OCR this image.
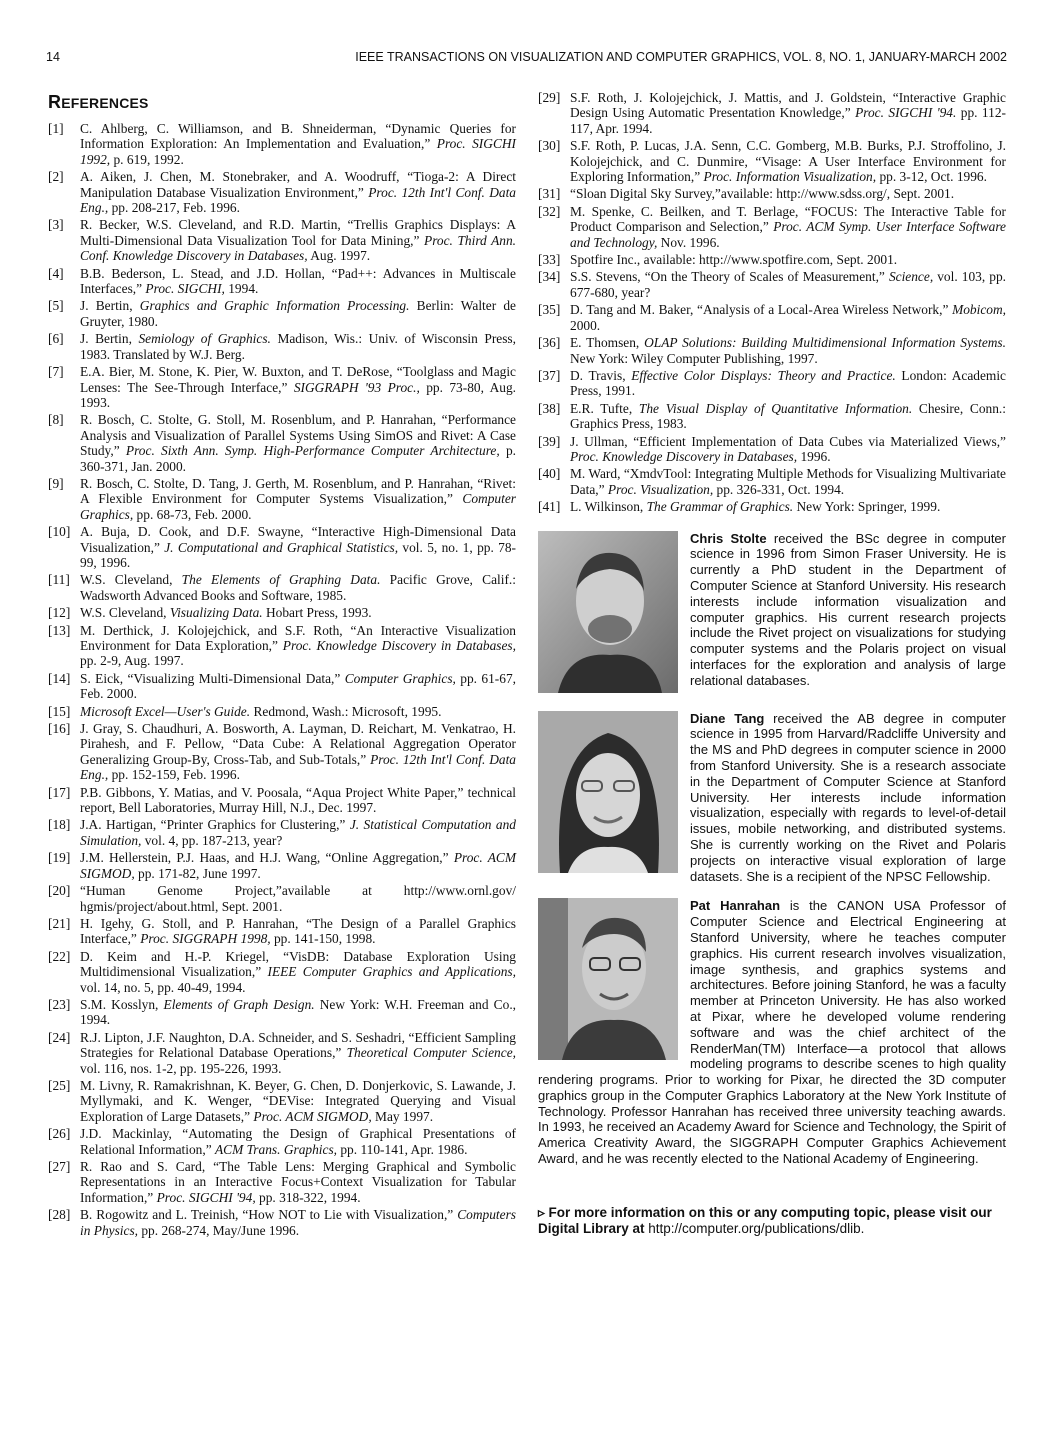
14	IEEE TRANSACTIONS ON VISUALIZATION AND COMPUTER GRAPHICS, VOL. 8, NO. 1, JANUARY-MARCH 2002
REFERENCES
[1] C. Ahlberg, C. Williamson, and B. Shneiderman, “Dynamic Queries for Information Exploration: An Implementation and Evaluation,” Proc. SIGCHI 1992, p. 619, 1992.
[2] A. Aiken, J. Chen, M. Stonebraker, and A. Woodruff, “Tioga-2: A Direct Manipulation Database Visualization Environment,” Proc. 12th Int'l Conf. Data Eng., pp. 208-217, Feb. 1996.
[3] R. Becker, W.S. Cleveland, and R.D. Martin, “Trellis Graphics Displays: A Multi-Dimensional Data Visualization Tool for Data Mining,” Proc. Third Ann. Conf. Knowledge Discovery in Databases, Aug. 1997.
[4] B.B. Bederson, L. Stead, and J.D. Hollan, “Pad++: Advances in Multiscale Interfaces,” Proc. SIGCHI, 1994.
[5] J. Bertin, Graphics and Graphic Information Processing. Berlin: Walter de Gruyter, 1980.
[6] J. Bertin, Semiology of Graphics. Madison, Wis.: Univ. of Wisconsin Press, 1983. Translated by W.J. Berg.
[7] E.A. Bier, M. Stone, K. Pier, W. Buxton, and T. DeRose, “Toolglass and Magic Lenses: The See-Through Interface,” SIGGRAPH '93 Proc., pp. 73-80, Aug. 1993.
[8] R. Bosch, C. Stolte, G. Stoll, M. Rosenblum, and P. Hanrahan, “Performance Analysis and Visualization of Parallel Systems Using SimOS and Rivet: A Case Study,” Proc. Sixth Ann. Symp. High-Performance Computer Architecture, p. 360-371, Jan. 2000.
[9] R. Bosch, C. Stolte, D. Tang, J. Gerth, M. Rosenblum, and P. Hanrahan, “Rivet: A Flexible Environment for Computer Systems Visualization,” Computer Graphics, pp. 68-73, Feb. 2000.
[10] A. Buja, D. Cook, and D.F. Swayne, “Interactive High-Dimensional Data Visualization,” J. Computational and Graphical Statistics, vol. 5, no. 1, pp. 78-99, 1996.
[11] W.S. Cleveland, The Elements of Graphing Data. Pacific Grove, Calif.: Wadsworth Advanced Books and Software, 1985.
[12] W.S. Cleveland, Visualizing Data. Hobart Press, 1993.
[13] M. Derthick, J. Kolojejchick, and S.F. Roth, “An Interactive Visualization Environment for Data Exploration,” Proc. Knowledge Discovery in Databases, pp. 2-9, Aug. 1997.
[14] S. Eick, “Visualizing Multi-Dimensional Data,” Computer Graphics, pp. 61-67, Feb. 2000.
[15] Microsoft Excel—User's Guide. Redmond, Wash.: Microsoft, 1995.
[16] J. Gray, S. Chaudhuri, A. Bosworth, A. Layman, D. Reichart, M. Venkatrao, H. Pirahesh, and F. Pellow, “Data Cube: A Relational Aggregation Operator Generalizing Group-By, Cross-Tab, and Sub-Totals,” Proc. 12th Int'l Conf. Data Eng., pp. 152-159, Feb. 1996.
[17] P.B. Gibbons, Y. Matias, and V. Poosala, “Aqua Project White Paper,” technical report, Bell Laboratories, Murray Hill, N.J., Dec. 1997.
[18] J.A. Hartigan, “Printer Graphics for Clustering,” J. Statistical Computation and Simulation, vol. 4, pp. 187-213, year?
[19] J.M. Hellerstein, P.J. Haas, and H.J. Wang, “Online Aggregation,” Proc. ACM SIGMOD, pp. 171-82, June 1997.
[20] “Human Genome Project,”available at http://www.ornl.gov/ hgmis/project/about.html, Sept. 2001.
[21] H. Igehy, G. Stoll, and P. Hanrahan, “The Design of a Parallel Graphics Interface,” Proc. SIGGRAPH 1998, pp. 141-150, 1998.
[22] D. Keim and H.-P. Kriegel, “VisDB: Database Exploration Using Multidimensional Visualization,” IEEE Computer Graphics and Applications, vol. 14, no. 5, pp. 40-49, 1994.
[23] S.M. Kosslyn, Elements of Graph Design. New York: W.H. Freeman and Co., 1994.
[24] R.J. Lipton, J.F. Naughton, D.A. Schneider, and S. Seshadri, “Efficient Sampling Strategies for Relational Database Operations,” Theoretical Computer Science, vol. 116, nos. 1-2, pp. 195-226, 1993.
[25] M. Livny, R. Ramakrishnan, K. Beyer, G. Chen, D. Donjerkovic, S. Lawande, J. Myllymaki, and K. Wenger, “DEVise: Integrated Querying and Visual Exploration of Large Datasets,” Proc. ACM SIGMOD, May 1997.
[26] J.D. Mackinlay, “Automating the Design of Graphical Presentations of Relational Information,” ACM Trans. Graphics, pp. 110-141, Apr. 1986.
[27] R. Rao and S. Card, “The Table Lens: Merging Graphical and Symbolic Representations in an Interactive Focus+Context Visualization for Tabular Information,” Proc. SIGCHI '94, pp. 318-322, 1994.
[28] B. Rogowitz and L. Treinish, “How NOT to Lie with Visualization,” Computers in Physics, pp. 268-274, May/June 1996.
[29] S.F. Roth, J. Kolojejchick, J. Mattis, and J. Goldstein, “Interactive Graphic Design Using Automatic Presentation Knowledge,” Proc. SIGCHI '94. pp. 112-117, Apr. 1994.
[30] S.F. Roth, P. Lucas, J.A. Senn, C.C. Gomberg, M.B. Burks, P.J. Stroffolino, J. Kolojejchick, and C. Dunmire, “Visage: A User Interface Environment for Exploring Information,” Proc. Information Visualization, pp. 3-12, Oct. 1996.
[31] “Sloan Digital Sky Survey,”available: http://www.sdss.org/, Sept. 2001.
[32] M. Spenke, C. Beilken, and T. Berlage, “FOCUS: The Interactive Table for Product Comparison and Selection,” Proc. ACM Symp. User Interface Software and Technology, Nov. 1996.
[33] Spotfire Inc., available: http://www.spotfire.com, Sept. 2001.
[34] S.S. Stevens, “On the Theory of Scales of Measurement,” Science, vol. 103, pp. 677-680, year?
[35] D. Tang and M. Baker, “Analysis of a Local-Area Wireless Network,” Mobicom, 2000.
[36] E. Thomsen, OLAP Solutions: Building Multidimensional Information Systems. New York: Wiley Computer Publishing, 1997.
[37] D. Travis, Effective Color Displays: Theory and Practice. London: Academic Press, 1991.
[38] E.R. Tufte, The Visual Display of Quantitative Information. Chesire, Conn.: Graphics Press, 1983.
[39] J. Ullman, “Efficient Implementation of Data Cubes via Materialized Views,” Proc. Knowledge Discovery in Databases, 1996.
[40] M. Ward, “XmdvTool: Integrating Multiple Methods for Visualizing Multivariate Data,” Proc. Visualization, pp. 326-331, Oct. 1994.
[41] L. Wilkinson, The Grammar of Graphics. New York: Springer, 1999.
Chris Stolte received the BSc degree in computer science in 1996 from Simon Fraser University. He is currently a PhD student in the Department of Computer Science at Stanford University. His research interests include information visualization and computer graphics. His current research projects include the Rivet project on visualizations for studying computer systems and the Polaris project on visual interfaces for the exploration and analysis of large relational databases.
Diane Tang received the AB degree in computer science in 1995 from Harvard/Radcliffe University and the MS and PhD degrees in computer science in 2000 from Stanford University. She is a research associate in the Department of Computer Science at Stanford University. Her interests include information visualization, especially with regards to level-of-detail issues, mobile networking, and distributed systems. She is currently working on the Rivet and Polaris projects on interactive visual exploration of large datasets. She is a recipient of the NPSC Fellowship.
Pat Hanrahan is the CANON USA Professor of Computer Science and Electrical Engineering at Stanford University, where he teaches computer graphics. His current research involves visualization, image synthesis, and graphics systems and architectures. Before joining Stanford, he was a faculty member at Princeton University. He has also worked at Pixar, where he developed volume rendering software and was the chief architect of the RenderMan(TM) Interface—a protocol that allows modeling programs to describe scenes to high quality rendering programs. Prior to working for Pixar, he directed the 3D computer graphics group in the Computer Graphics Laboratory at the New York Institute of Technology. Professor Hanrahan has received three university teaching awards. In 1993, he received an Academy Award for Science and Technology, the Spirit of America Creativity Award, the SIGGRAPH Computer Graphics Achievement Award, and he was recently elected to the National Academy of Engineering.
▹ For more information on this or any computing topic, please visit our Digital Library at http://computer.org/publications/dlib.
